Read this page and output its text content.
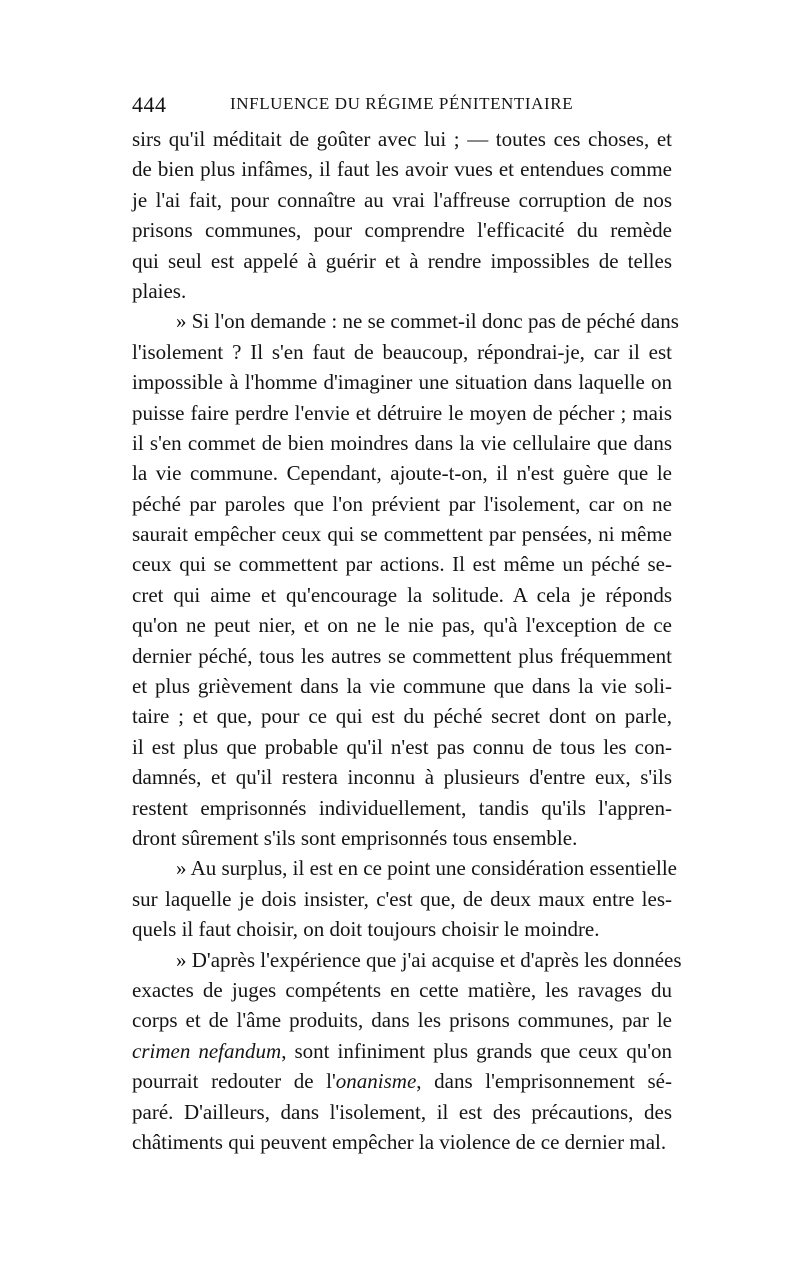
444	INFLUENCE DU RÉGIME PÉNITENTIAIRE
sirs qu'il méditait de goûter avec lui ; — toutes ces choses, et
de bien plus infâmes, il faut les avoir vues et entendues comme
je l'ai fait, pour connaître au vrai l'affreuse corruption de nos
prisons communes, pour comprendre l'efficacité du remède
qui seul est appelé à guérir et à rendre impossibles de telles
plaies.
» Si l'on demande : ne se commet-il donc pas de péché dans
l'isolement ? Il s'en faut de beaucoup, répondrai-je, car il est
impossible à l'homme d'imaginer une situation dans laquelle on
puisse faire perdre l'envie et détruire le moyen de pécher ; mais
il s'en commet de bien moindres dans la vie cellulaire que dans
la vie commune. Cependant, ajoute-t-on, il n'est guère que le
péché par paroles que l'on prévient par l'isolement, car on ne
saurait empêcher ceux qui se commettent par pensées, ni même
ceux qui se commettent par actions. Il est même un péché se-
cret qui aime et qu'encourage la solitude. A cela je réponds
qu'on ne peut nier, et on ne le nie pas, qu'à l'exception de ce
dernier péché, tous les autres se commettent plus fréquemment
et plus grièvement dans la vie commune que dans la vie soli-
taire ; et que, pour ce qui est du péché secret dont on parle,
il est plus que probable qu'il n'est pas connu de tous les con-
damnés, et qu'il restera inconnu à plusieurs d'entre eux, s'ils
restent emprisonnés individuellement, tandis qu'ils l'appren-
dront sûrement s'ils sont emprisonnés tous ensemble.
» Au surplus, il est en ce point une considération essentielle
sur laquelle je dois insister, c'est que, de deux maux entre les-
quels il faut choisir, on doit toujours choisir le moindre.
» D'après l'expérience que j'ai acquise et d'après les données
exactes de juges compétents en cette matière, les ravages du
corps et de l'âme produits, dans les prisons communes, par le
crimen nefandum, sont infiniment plus grands que ceux qu'on
pourrait redouter de l'onanisme, dans l'emprisonnement sé-
paré. D'ailleurs, dans l'isolement, il est des précautions, des
châtiments qui peuvent empêcher la violence de ce dernier mal.
